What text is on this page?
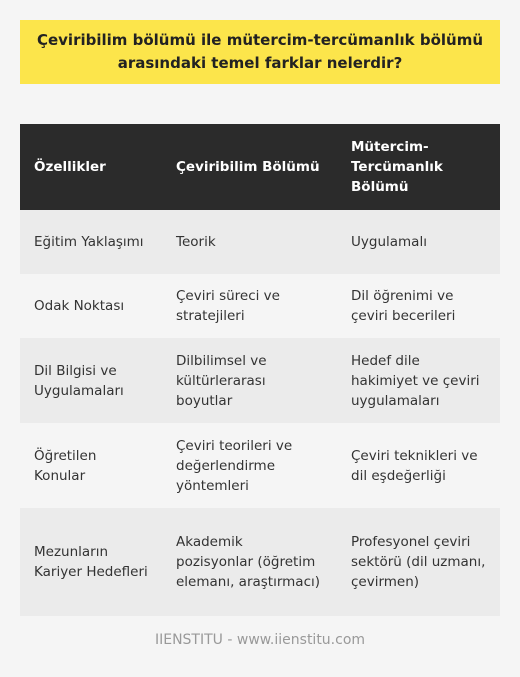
Çeviribilim bölümü ile mütercim-tercümanlık bölümü arasındaki temel farklar nelerdir?
Özellikler	Çeviribilim Bölümü	Mütercim-Tercümanlık Bölümü
Eğitim Yaklaşımı	Teorik	Uygulamalı
Odak Noktası	Çeviri süreci ve stratejileri	Dil öğrenimi ve çeviri becerileri
Dil Bilgisi ve Uygulamaları	Dilbilimsel ve kültürlerarası boyutlar	Hedef dile hakimiyet ve çeviri uygulamaları
Öğretilen Konular	Çeviri teorileri ve değerlendirme yöntemleri	Çeviri teknikleri ve dil eşdeğerliği
Mezunların Kariyer Hedefleri	Akademik pozisyonlar (öğretim elemanı, araştırmacı)	Profesyonel çeviri sektörü (dil uzmanı, çevirmen)
IIENSTITU - www.iienstitu.com
